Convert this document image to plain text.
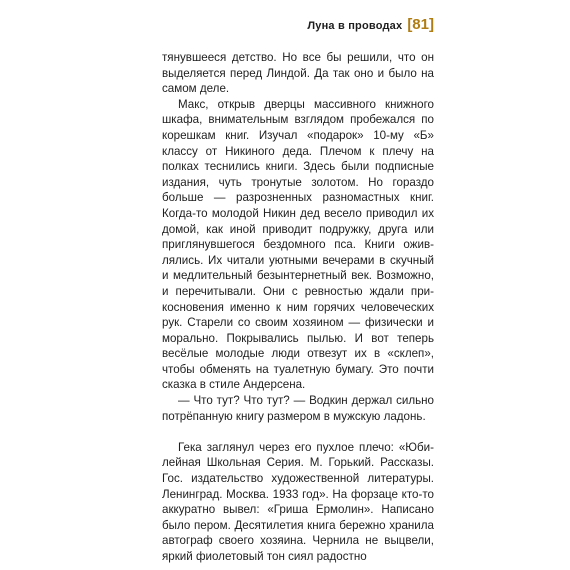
Луна в проводах [81]

тянувшееся детство. Но все бы решили, что он выделяется перед Линдой. Да так оно и было на самом деле.

Макс, открыв дверцы массивного книжного шкафа, внимательным взглядом пробежался по корешкам книг. Изучал «подарок» 10-му «Б» классу от Никиного деда. Плечом к плечу на полках теснились книги. Здесь были подписные издания, чуть тронутые золотом. Но гораздо больше — разрозненных разномастных книг. Когда-то молодой Никин дед весело приводил их домой, как иной приводит подружку, друга или приглянувшегося бездомного пса. Книги оживлялись. Их читали уютными вечерами в скучный и медлительный безынтернетный век. Возможно, и перечитывали. Они с ревностью ждали прикосновения именно к ним горячих человеческих рук. Старели со своим хозяином — физически и морально. Покрывались пылью. И вот теперь весёлые молодые люди отвезут их в «склеп», чтобы обменять на туалетную бумагу. Это почти сказка в стиле Андерсена.

— Что тут? Что тут? — Водкин держал сильно потрёпанную книгу размером в мужскую ладонь.

Гека заглянул через его пухлое плечо: «Юбилейная Школьная Серия. М. Горький. Рассказы. Гос. издательство художественной литературы. Ленинград. Москва. 1933 год». На форзаце кто-то аккуратно вывел: «Гриша Ермолин». Написано было пером. Десятилетия книга бережно хранила автограф своего хозяина. Чернила не выцвели, яркий фиолетовый тон сиял радостно
